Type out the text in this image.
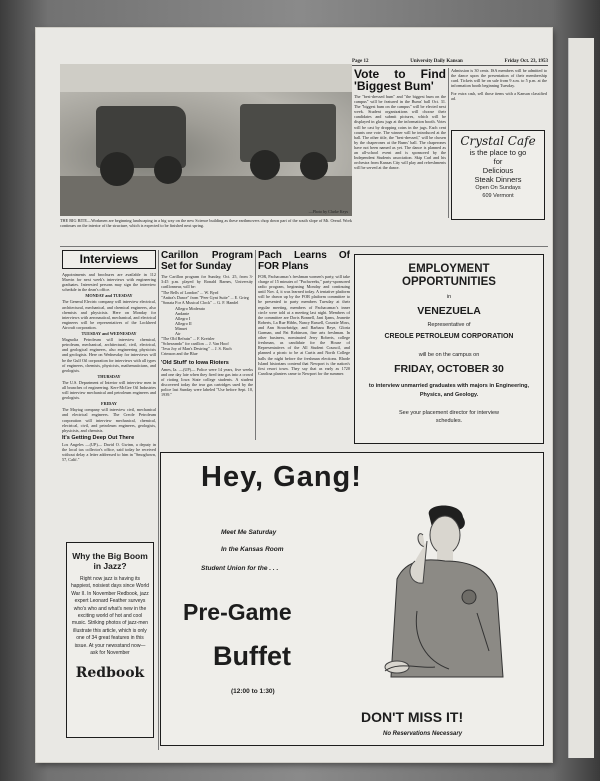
—Photo by Clarke Keys
THE BIG BITE—Workmen are beginning landscaping in a big way on the new Science building as these earthmovers chop down part of the south slope of Mt. Oread. Work continues on the interior of the structure, which is expected to be finished next spring.
Page 12	University Daily Kansan	Friday Oct. 23, 1953
Vote to Find 'Biggest Bum'

The "best-dressed bum" and "the biggest bum on the campus" will be featured in the Bums' ball Oct. 31. The "biggest bum on the campus" will be elected next week. Student organizations will choose their candidates and submit pictures, which will be displayed in glass jugs at the information booth. Votes will be cast by dropping coins in the jugs. Each cent counts one vote. The winner will be introduced at the ball. The other title, the "best-dressed," will be chosen by the chaperones at the Bums' ball. The chaperones have not been named as yet. The dance is planned as an all-school event and is sponsored by the Independent Students association. Skip Carl and his orchestra from Kansas City will play and refreshments will be served at the dance.

Admission is 30 cents. ISA members will be admitted to the dance upon the presentation of their membership card. Tickets will be on sale from 9 a.m. to 5 p.m. at the information booth beginning Tuesday.

For extra cash, sell those items with a Kansan classified ad.

Crystal Cafe
is the place to go
for
Delicious
Steak Dinners
Open On Sundays
609 Vermont
Interviews

Appointments and brochures are available in 112 Marvin for next week's interviews with engineering graduates. Interested persons may sign the interview schedule in the dean's office.

MONDAY and TUESDAY

The General Electric company will interview electrical, architectural, mechanical, and chemical engineers, also chemists and physicists. Here on Monday for interviews with aeronautical, mechanical, and electrical engineers will be representatives of the Lockheed Aircraft corporation.

TUESDAY and WEDNESDAY

Magnolia Petroleum will interview chemical, petroleum, mechanical, architectural, civil, electrical, and geological engineers, also engineering physicists and geologists. Here on Wednesday for interviews will be the Gulf Oil corporation for interviews with all types of engineers, chemists, physicists, mathematicians, and geologists.

THURSDAY

The U.S. Department of Interior will interview men in all branches of engineering. Kerr-McGee Oil Industries will interview mechanical and petroleum engineers and geologists.

FRIDAY

The Maytag company will interview civil, mechanical and electrical engineers. The Creole Petroleum corporation will interview mechanical, chemical, electrical, civil, and petroleum engineers, geologists, physicists, and chemists.

It's Getting Deep Out There

Los Angeles —(UP)— David O. Gwinn, a deputy in the local tax collector's office, said today he received without delay a letter addressed to him in "Smoghown, 57, Calif."

Carillon Program Set for Sunday

The Carillon program for Sunday, Oct. 25, from 3-3:45 p.m. played by Ronald Barnes, University carillonneur, will be:

"The Bells of London" ... W. Byrd
"Anitra's Dance" from "Peer Gynt Suite" ... E. Grieg
"Sonata For A Musical Clock" ... G. F. Handel
Allegro Moderato
Andante
Allegro I
Allegro II
Minuet
Air
"The Old Refrain" ... F. Kreisler
"Scherzando" for carillon ... J. Van Hoof
"Jesu Joy of Man's Desiring" ... J. S. Bach
Crimson and the Blue
'Old Stuff' to Iowa Rioters

Ames, Ia. —(UP)— Police were 14 years, five weeks and one day late when they fired tear gas into a crowd of rioting Iowa State college students. A student discovered today the tear gas cartridges used by the police last Sunday were labeled "Use before Sept. 10, 1939."

Pach Learns Of FOR Plans

FOR, Pachacamac's freshman women's party, will take charge of 15 minutes of "Pachweeks," party-sponsored radio program, beginning Monday and continuing until Nov. 4, it was learned today. A tentative platform will be drawn up by the FOR platform committee to be presented to party members Tuesday at their regular meeting, members of Pachacamac's inner circle were told at a meeting last night. Members of the committee are Doris Bonnell, Jani Ijams, Jeanette Roberts, La Rue Hibbs, Nancy Russell, Countie Moss, and Ann Strawbridge, and Barbara Beye, Gloria Garman, and Pat Robinson, fine arts freshman. In other business, nominated Jerry Roberts, college freshman, as candidate for the House of Representatives of the All Student Council, and planned a picnic to be at Curtis and North College halls the night before the freshman elections. Rhode Island historians contend that Newport is the nation's first resort town. They say that as early as 1720 Carolina planters came to Newport for the summer.

EMPLOYMENT OPPORTUNITIES
in
VENEZUELA
Representative of
CREOLE PETROLEUM CORPORATION
will be on the campus on
FRIDAY, OCTOBER 30
to interview unmarried graduates with majors in Engineering, Physics, and Geology.
See your placement director for interview schedules.
Why the Big Boom in Jazz?
Right now jazz is having its happiest, noisiest days since World War II. In November Redbook, jazz expert Leonard Feather surveys who's who and what's new in the exciting world of hot and cool music. Striking photos of jazz-men illustrate this article, which is only one of 34 great features in this issue. At your newsstand now—ask for November
Redbook
Hey, Gang!
Meet Me Saturday
In the Kansas Room
Student Union for the . . .
Pre-Game
Buffet
(12:00 to 1:30)
DON'T MISS IT!
No Reservations Necessary
